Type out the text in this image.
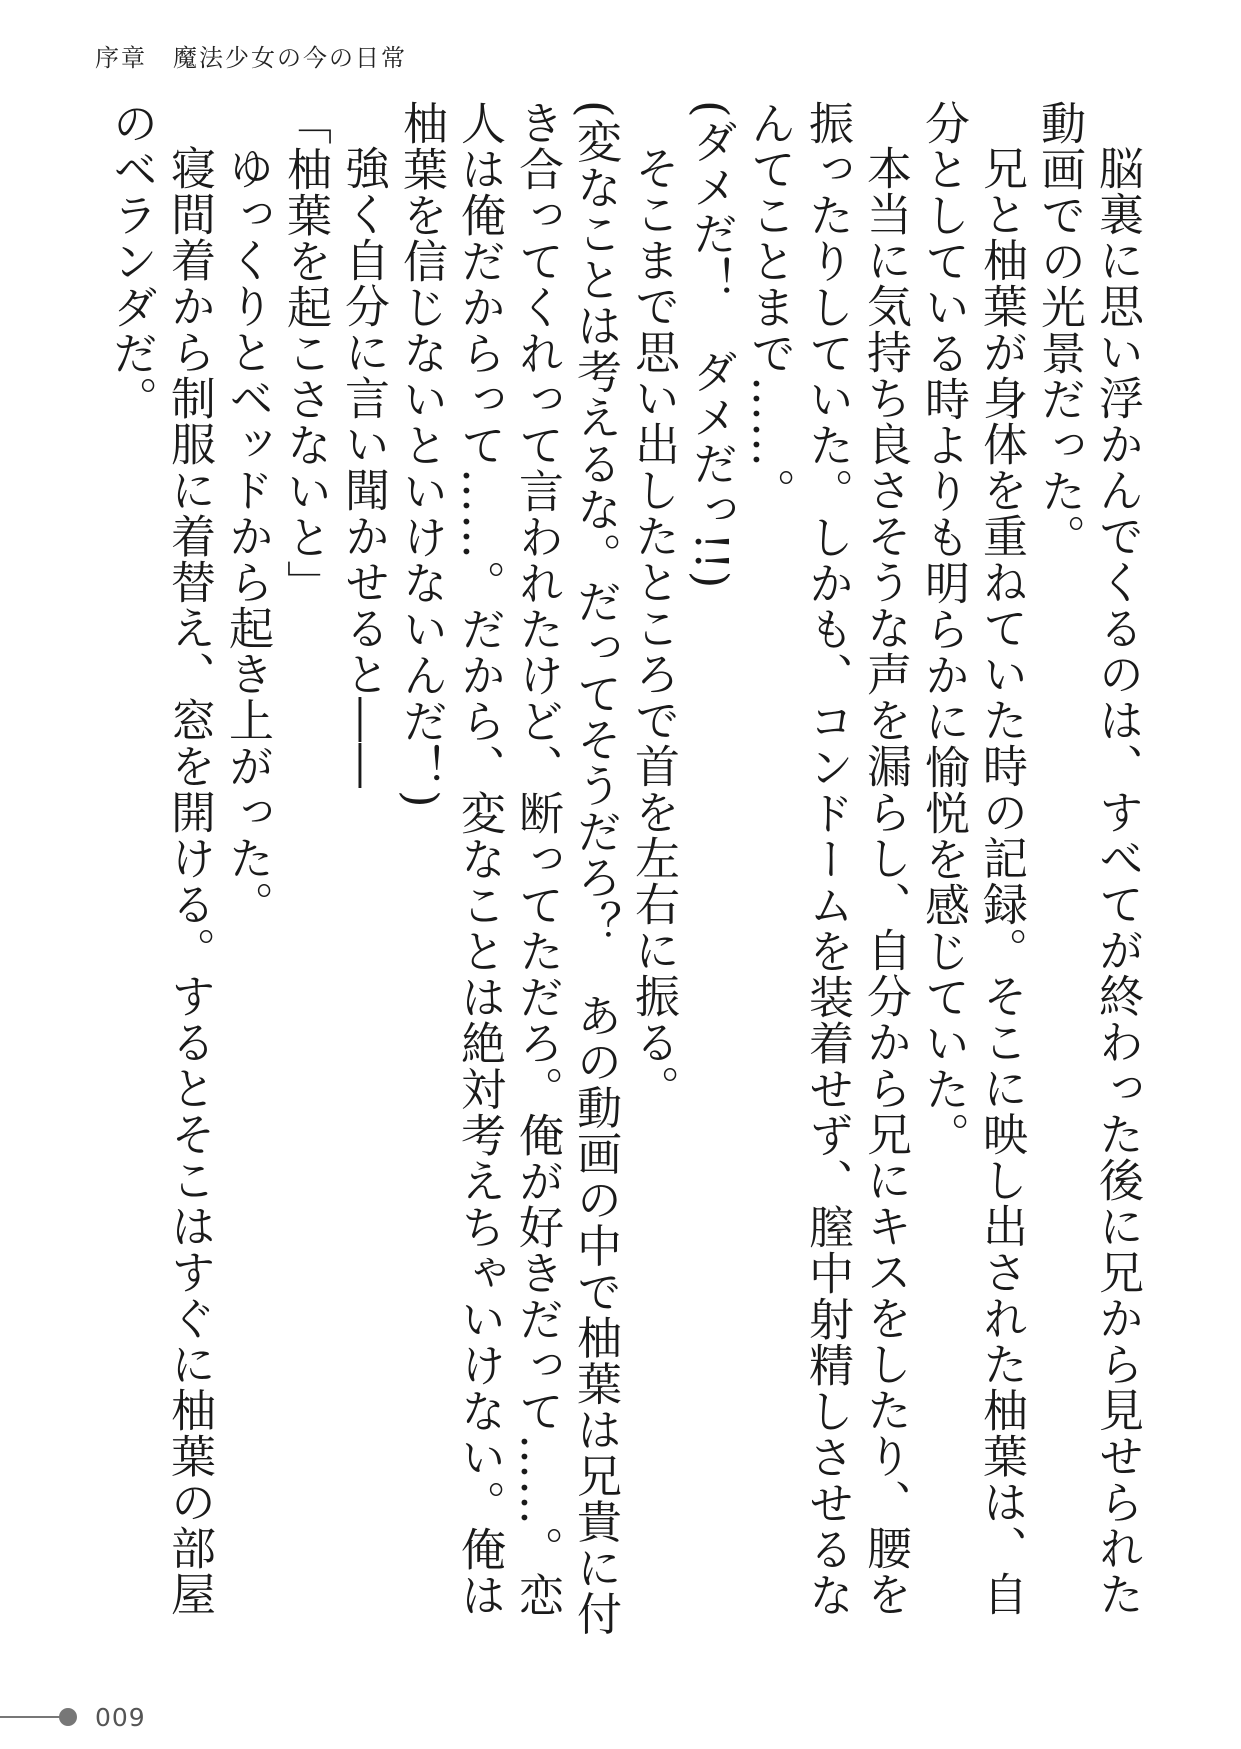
序章　魔法少女の今の日常

脳裏に思い浮かんでくるのは、すべてが終わった後に兄から見せられた動画での光景だった。

兄と柚葉が身体を重ねていた時の記録。そこに映し出された柚葉は、自分としている時よりも明らかに愉悦を感じていた。

本当に気持ち良さそうな声を漏らし、自分から兄にキスをしたり、腰を振ったりしていた。しかも、コンドームを装着せず、膣中射精しさせるなんてことまで……。

(ダメだ！　ダメだっ!!)

そこまで思い出したところで首を左右に振る。

(変なことは考えるな。だってそうだろ？　あの動画の中で柚葉は兄貴に付き合ってくれって言われたけど、断ってただろ。俺が好きだって……。恋人は俺だからって……。だから、変なことは絶対考えちゃいけない。俺は柚葉を信じないといけないんだ！)

強く自分に言い聞かせると――

「柚葉を起こさないと」

ゆっくりとベッドから起き上がった。

寝間着から制服に着替え、窓を開ける。するとそこはすぐに柚葉の部屋のベランダだ。

009
